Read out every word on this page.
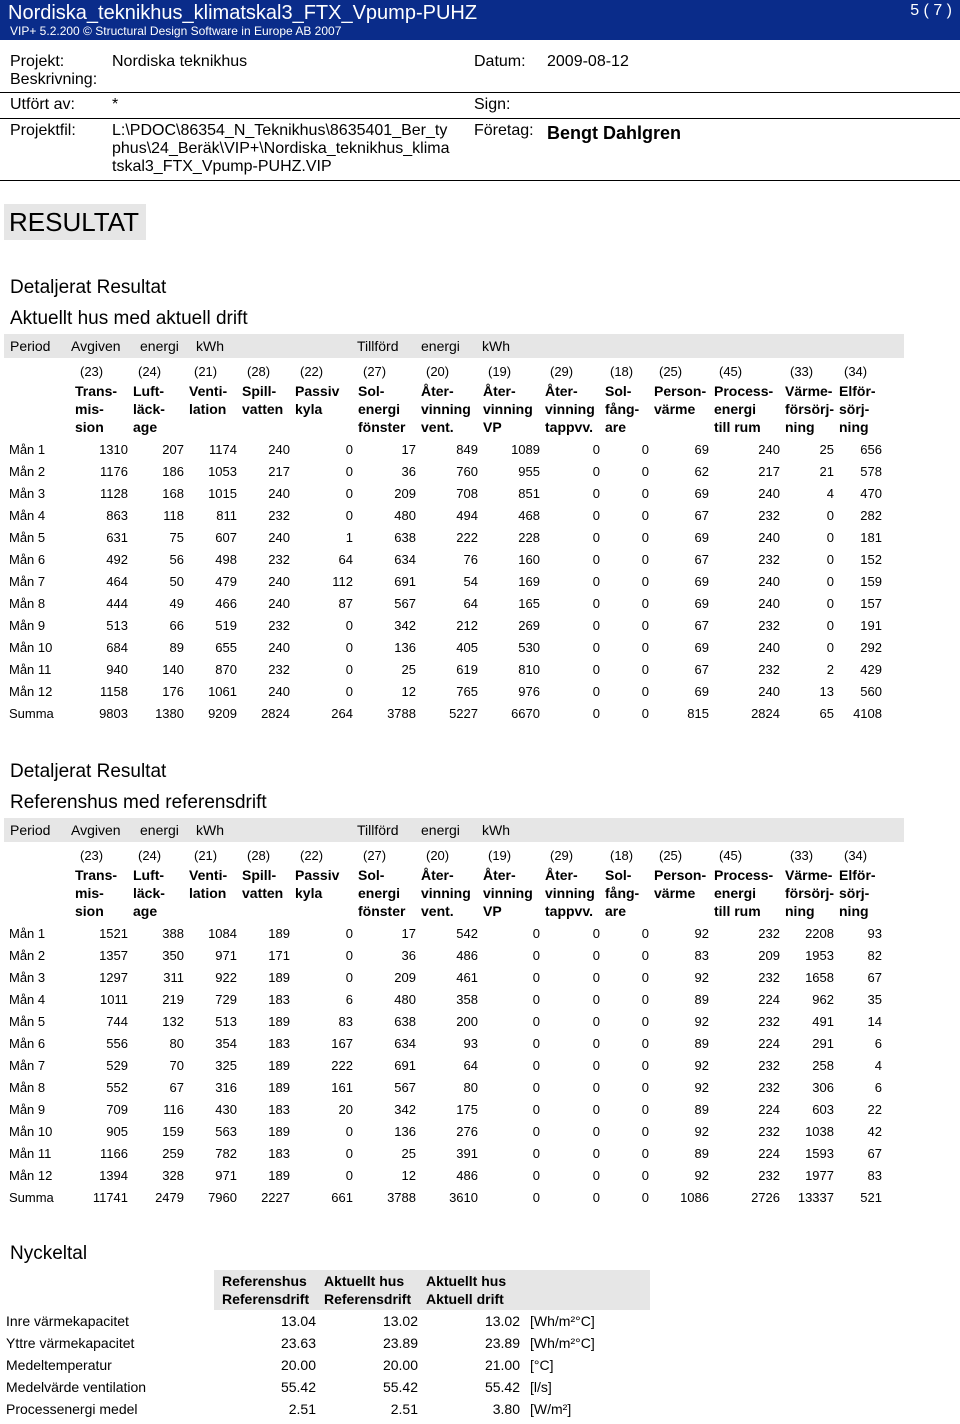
Nordiska_teknikhus_klimatskal3_FTX_Vpump-PUHZ
VIP+ 5.2.200 © Structural Design Software in Europe AB 2007
5 ( 7 )
Projekt:	Nordiska teknikhus	Datum: 2009-08-12
Beskrivning:
Utfört av: *	Sign:
Projektfil: L:\PDOC\86354_N_Teknikhus\8635401_Ber_ty
phus\24_Beräk\VIP+\Nordiska_teknikhus_klima
tskal3_FTX_Vpump-PUHZ.VIP
Företag: Bengt Dahlgren
RESULTAT
Detaljerat Resultat
Aktuellt hus med aktuell drift
Period Avgiven energi kWh	Tillförd energi kWh
	(23)	(24)	(21)	(28)	(22)	(27)	(20)	(19)	(29)	(18)	(25)	(45)	(33)	(34)
	Trans-
mis-
sion	Luft-
läck-
age	Venti-
lation	Spill-
vatten	Passiv
kyla	Sol-
energi
fönster	Åter-
vinning
vent.	Åter-
vinning
VP	Åter-
vinning
tappvv.	Sol-
fång-
are	Person-
värme	Process-
energi
till rum	Värme-
försörj-
ning	Elför-
sörj-
ning
Mån 1	1310	207	1174	240	0	17	849	1089	0	0	69	240	25	656
Mån 2	1176	186	1053	217	0	36	760	955	0	0	62	217	21	578
Mån 3	1128	168	1015	240	0	209	708	851	0	0	69	240	4	470
Mån 4	863	118	811	232	0	480	494	468	0	0	67	232	0	282
Mån 5	631	75	607	240	1	638	222	228	0	0	69	240	0	181
Mån 6	492	56	498	232	64	634	76	160	0	0	67	232	0	152
Mån 7	464	50	479	240	112	691	54	169	0	0	69	240	0	159
Mån 8	444	49	466	240	87	567	64	165	0	0	69	240	0	157
Mån 9	513	66	519	232	0	342	212	269	0	0	67	232	0	191
Mån 10	684	89	655	240	0	136	405	530	0	0	69	240	0	292
Mån 11	940	140	870	232	0	25	619	810	0	0	67	232	2	429
Mån 12	1158	176	1061	240	0	12	765	976	0	0	69	240	13	560
Summa	9803	1380	9209	2824	264	3788	5227	6670	0	0	815	2824	65	4108
Detaljerat Resultat
Referenshus med referensdrift
Period Avgiven energi kWh	Tillförd energi kWh
	(23)	(24)	(21)	(28)	(22)	(27)	(20)	(19)	(29)	(18)	(25)	(45)	(33)	(34)
	Trans-
mis-
sion	Luft-
läck-
age	Venti-
lation	Spill-
vatten	Passiv
kyla	Sol-
energi
fönster	Åter-
vinning
vent.	Åter-
vinning
VP	Åter-
vinning
tappvv.	Sol-
fång-
are	Person-
värme	Process-
energi
till rum	Värme-
försörj-
ning	Elför-
sörj-
ning
Mån 1	1521	388	1084	189	0	17	542	0	0	0	92	232	2208	93
Mån 2	1357	350	971	171	0	36	486	0	0	0	83	209	1953	82
Mån 3	1297	311	922	189	0	209	461	0	0	0	92	232	1658	67
Mån 4	1011	219	729	183	6	480	358	0	0	0	89	224	962	35
Mån 5	744	132	513	189	83	638	200	0	0	0	92	232	491	14
Mån 6	556	80	354	183	167	634	93	0	0	0	89	224	291	6
Mån 7	529	70	325	189	222	691	64	0	0	0	92	232	258	4
Mån 8	552	67	316	189	161	567	80	0	0	0	92	232	306	6
Mån 9	709	116	430	183	20	342	175	0	0	0	89	224	603	22
Mån 10	905	159	563	189	0	136	276	0	0	0	92	232	1038	42
Mån 11	1166	259	782	183	0	25	391	0	0	0	89	224	1593	67
Mån 12	1394	328	971	189	0	12	486	0	0	0	92	232	1977	83
Summa	11741	2479	7960	2227	661	3788	3610	0	0	0	1086	2726	13337	521
Nyckeltal
	Referenshus
Referensdrift	Aktuellt hus
Referensdrift	Aktuellt hus
Aktuell drift	
Inre värmekapacitet	13.04	13.02	13.02	[Wh/m²°C]
Yttre värmekapacitet	23.63	23.89	23.89	[Wh/m²°C]
Medeltemperatur	20.00	20.00	21.00	[°C]
Medelvärde ventilation	55.42	55.42	55.42	[l/s]
Processenergi medel	2.51	2.51	3.80	[W/m²]
